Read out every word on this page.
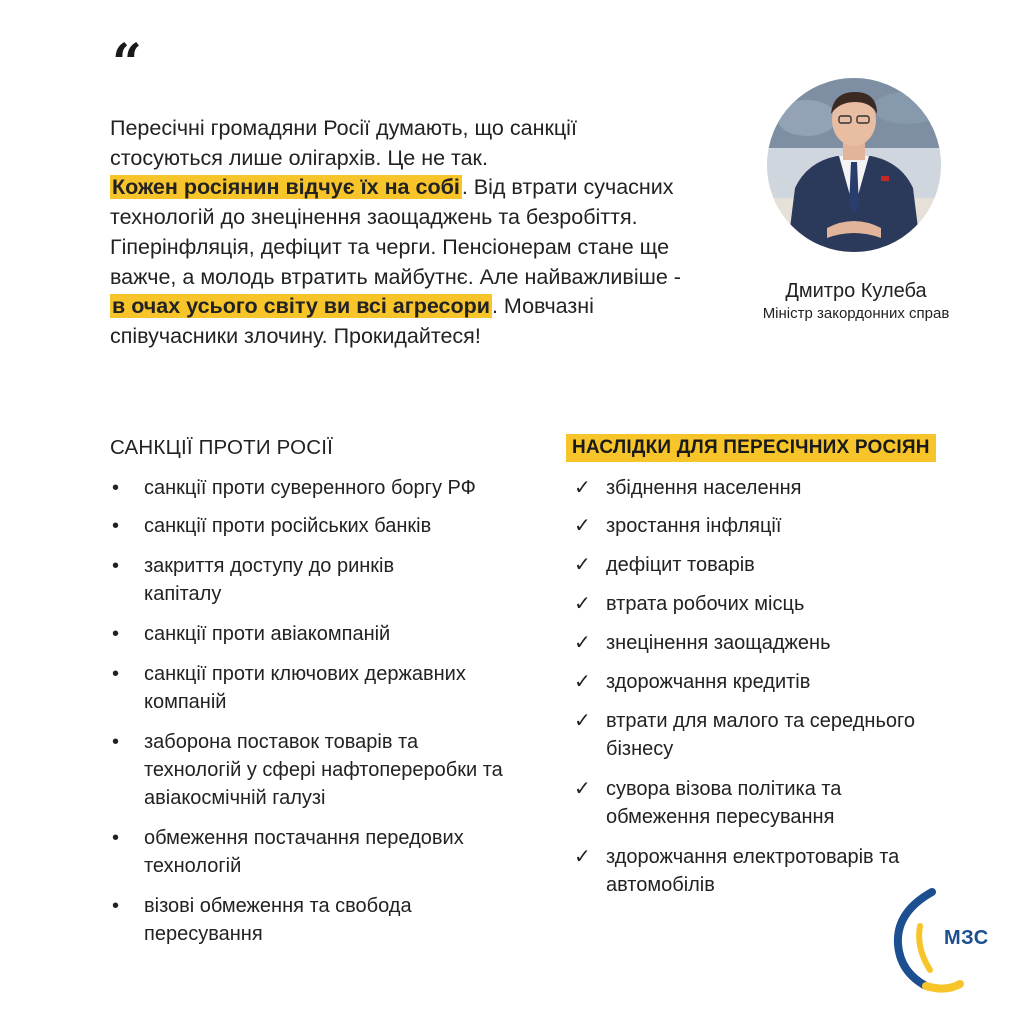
“
Пересічні громадяни Росії думають, що санкції стосуються лише олігархів. Це не так.
Кожен росіянин відчує їх на собі. Від втрати сучасних технологій до знецінення заощаджень та безробіття. Гіперінфляція, дефіцит та черги. Пенсіонерам стане ще важче, а молодь втратить майбутнє. Але найважливіше - в очах усього світу ви всі агресори. Мовчазні співучасники злочину. Прокидайтеся!
Дмитро Кулеба
Міністр закордонних справ
САНКЦІЇ ПРОТИ РОСІЇ	НАСЛІДКИ ДЛЯ ПЕРЕСІЧНИХ РОСІЯН
• санкції проти суверенного боргу РФ
• санкції проти російських банків
• закриття доступу до ринків капіталу
• санкції проти авіакомпаній
• санкції проти ключових державних компаній
• заборона поставок товарів та технологій у сфері нафтопереробки та авіакосмічній галузі
• обмеження постачання передових технологій
• візові обмеження та свобода пересування
✓ збіднення населення
✓ зростання інфляції
✓ дефіцит товарів
✓ втрата робочих місць
✓ знецінення заощаджень
✓ здорожчання кредитів
✓ втрати для малого та середнього бізнесу
✓ сувора візова політика та обмеження пересування
✓ здорожчання електротоварів та автомобілів
МЗС
